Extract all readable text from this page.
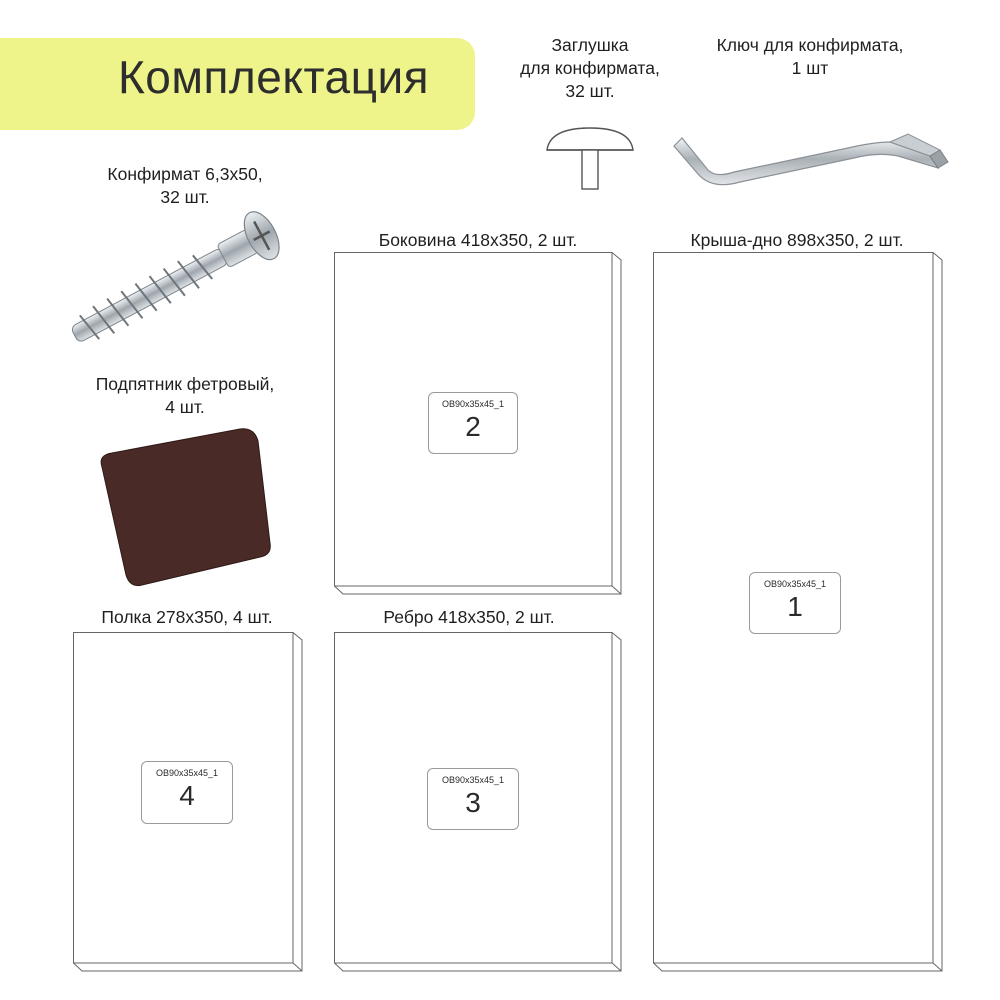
Комплектация
Заглушка
для конфирмата,
32 шт.
Ключ для конфирмата,
1 шт
Конфирмат 6,3х50,
32 шт.
Подпятник фетровый,
4 шт.
Боковина 418х350, 2 шт.
OB90x35x45_1
2
Крыша-дно 898х350, 2 шт.
OB90x35x45_1
1
Полка 278х350, 4 шт.
OB90x35x45_1
4
Ребро 418х350, 2 шт.
OB90x35x45_1
3
